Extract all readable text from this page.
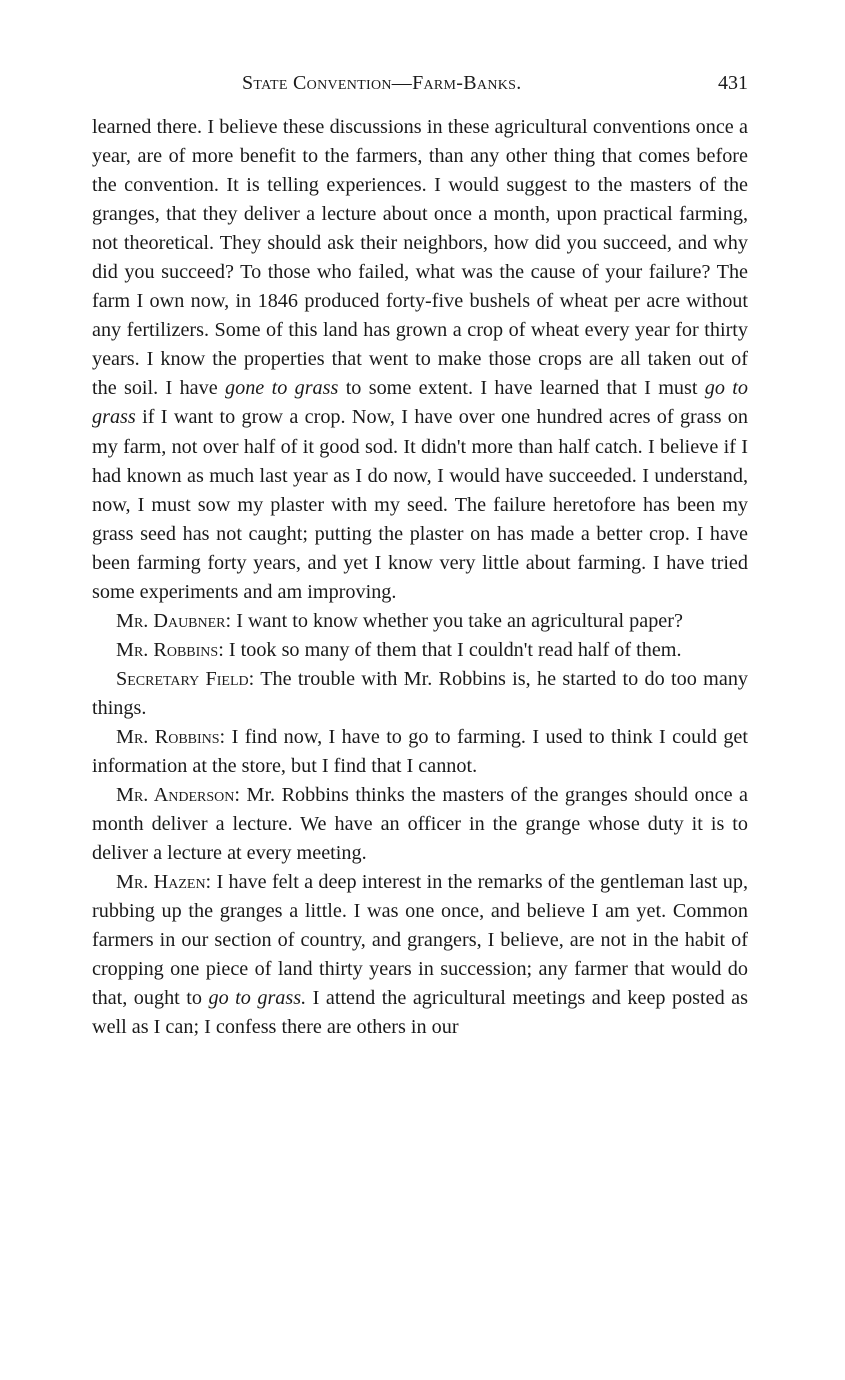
State Convention—Farm-Banks.	431

learned there. I believe these discussions in these agricultural conventions once a year, are of more benefit to the farmers, than any other thing that comes before the convention. It is telling experiences. I would suggest to the masters of the granges, that they deliver a lecture about once a month, upon practical farming, not theoretical. They should ask their neighbors, how did you succeed, and why did you succeed? To those who failed, what was the cause of your failure? The farm I own now, in 1846 produced forty-five bushels of wheat per acre without any fertilizers. Some of this land has grown a crop of wheat every year for thirty years. I know the properties that went to make those crops are all taken out of the soil. I have gone to grass to some extent. I have learned that I must go to grass if I want to grow a crop. Now, I have over one hundred acres of grass on my farm, not over half of it good sod. It didn't more than half catch. I believe if I had known as much last year as I do now, I would have succeeded. I understand, now, I must sow my plaster with my seed. The failure heretofore has been my grass seed has not caught; putting the plaster on has made a better crop. I have been farming forty years, and yet I know very little about farming. I have tried some experiments and am improving.

Mr. Daubner: I want to know whether you take an agricultural paper?

Mr. Robbins: I took so many of them that I couldn't read half of them.

Secretary Field: The trouble with Mr. Robbins is, he started to do too many things.

Mr. Robbins: I find now, I have to go to farming. I used to think I could get information at the store, but I find that I cannot.

Mr. Anderson: Mr. Robbins thinks the masters of the granges should once a month deliver a lecture. We have an officer in the grange whose duty it is to deliver a lecture at every meeting.

Mr. Hazen: I have felt a deep interest in the remarks of the gentleman last up, rubbing up the granges a little. I was one once, and believe I am yet. Common farmers in our section of country, and grangers, I believe, are not in the habit of cropping one piece of land thirty years in succession; any farmer that would do that, ought to go to grass. I attend the agricultural meetings and keep posted as well as I can; I confess there are others in our
